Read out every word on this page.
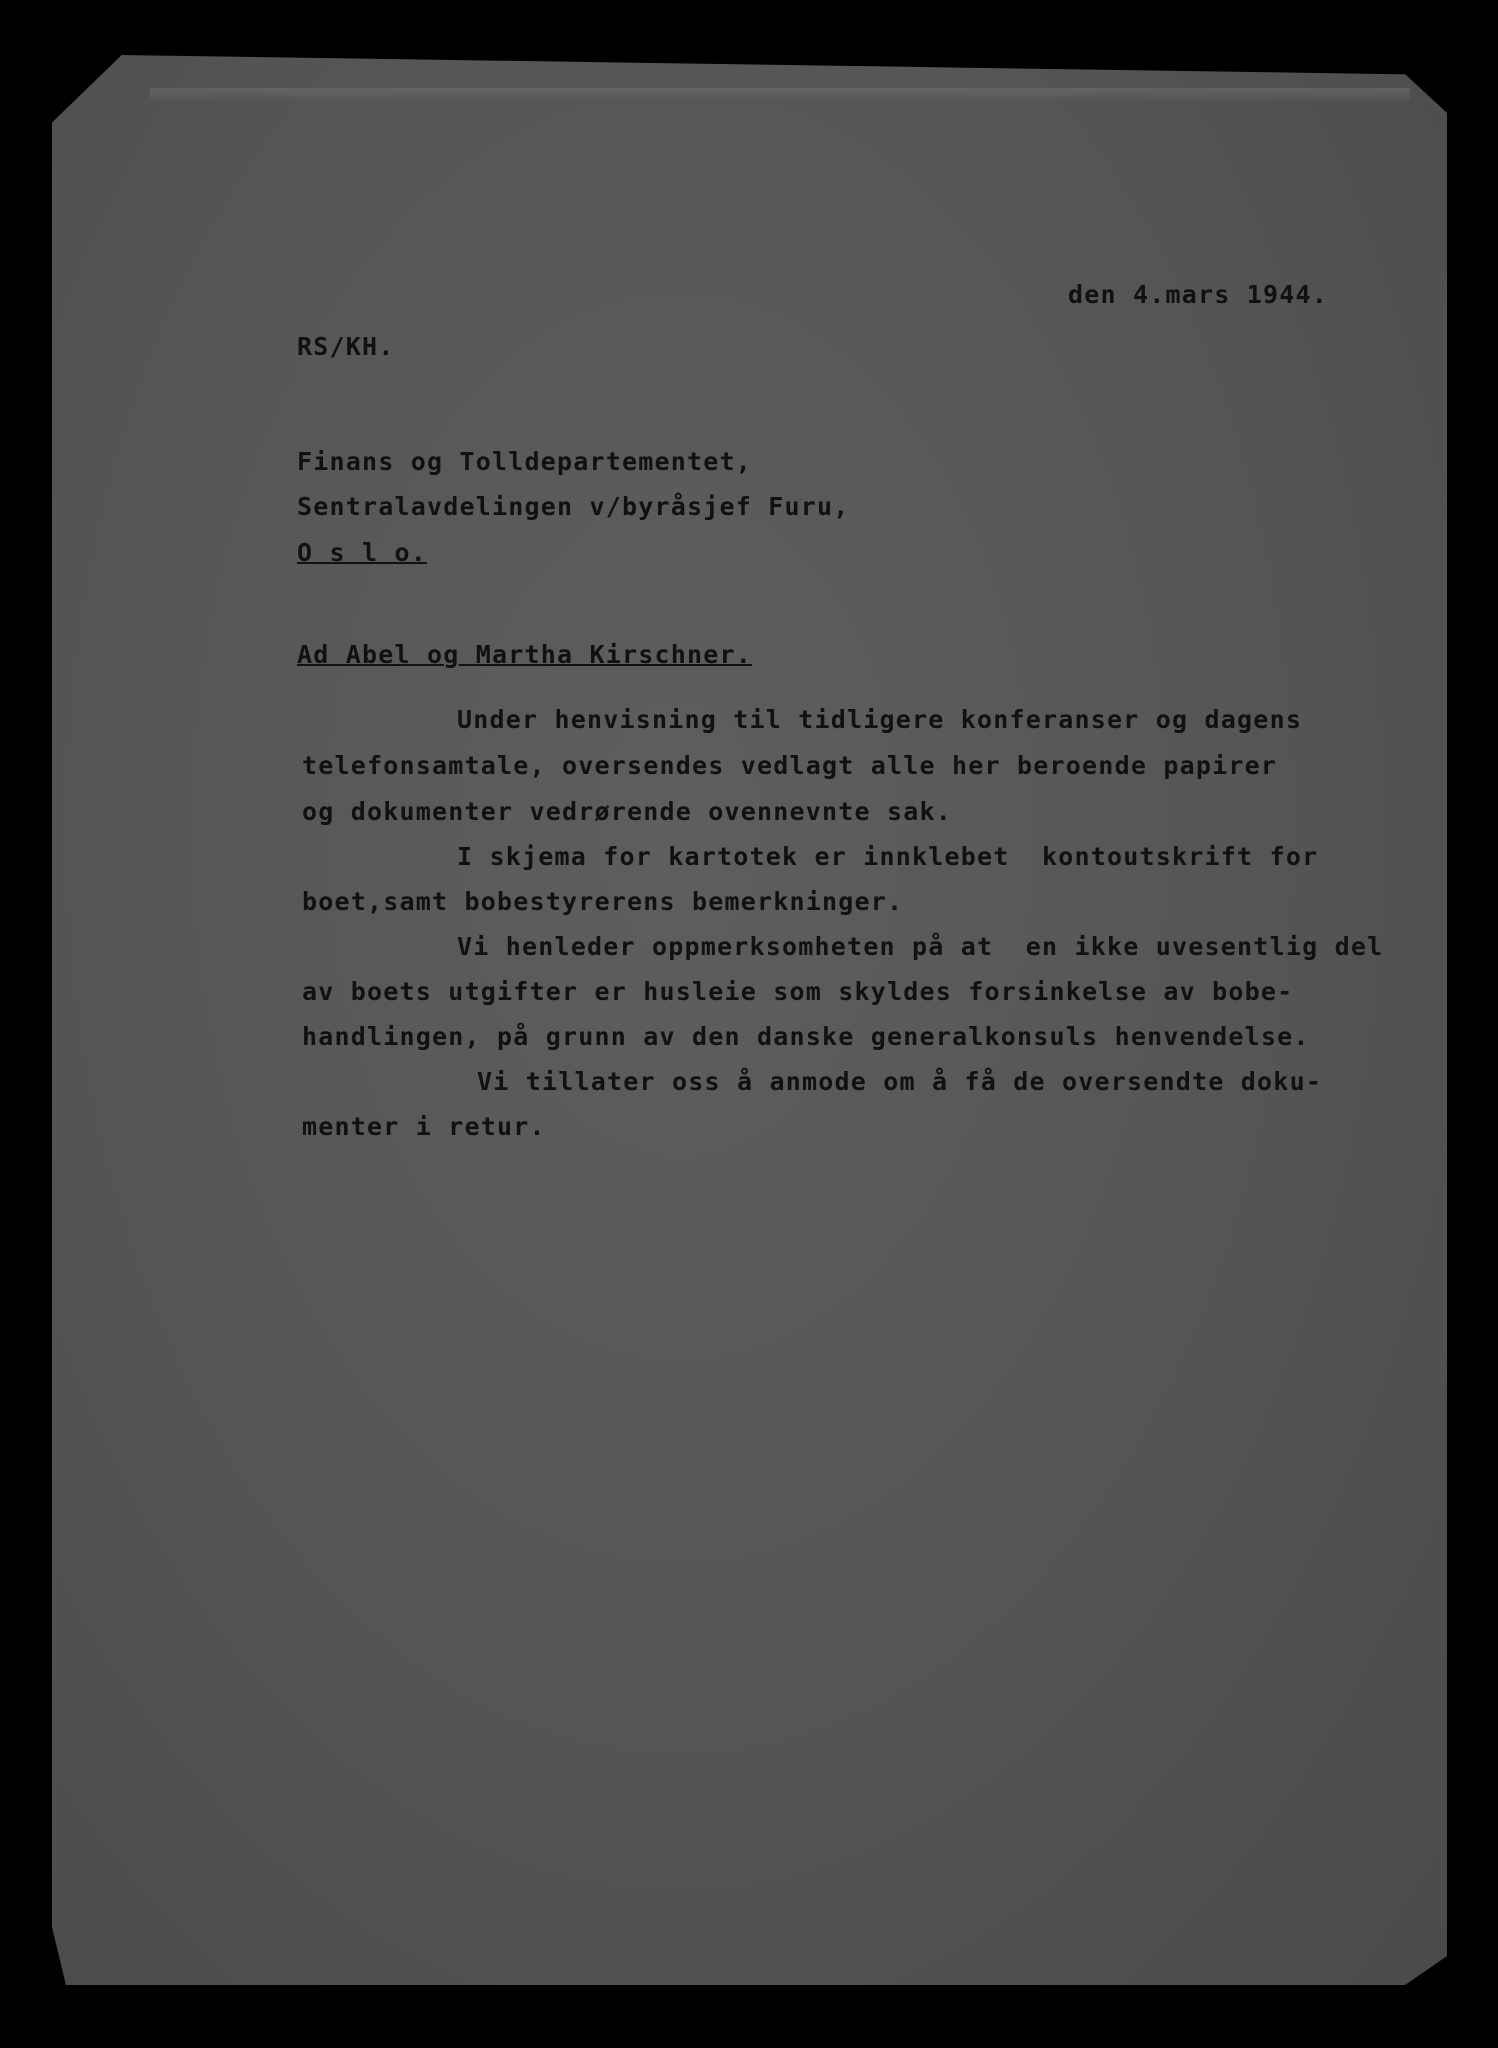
den 4.mars 1944.
RS/KH.
Finans og Tolldepartementet,
Sentralavdelingen v/byråsjef Furu,
O s l o.
Ad Abel og Martha Kirschner.
Under henvisning til tidligere konferanser og dagens
telefonsamtale, oversendes vedlagt alle her beroende papirer
og dokumenter vedrørende ovennevnte sak.
I skjema for kartotek er innklebet  kontoutskrift for
boet,samt bobestyrerens bemerkninger.
Vi henleder oppmerksomheten på at  en ikke uvesentlig del
av boets utgifter er husleie som skyldes forsinkelse av bobe-
handlingen, på grunn av den danske generalkonsuls henvendelse.
Vi tillater oss å anmode om å få de oversendte doku-
menter i retur.
